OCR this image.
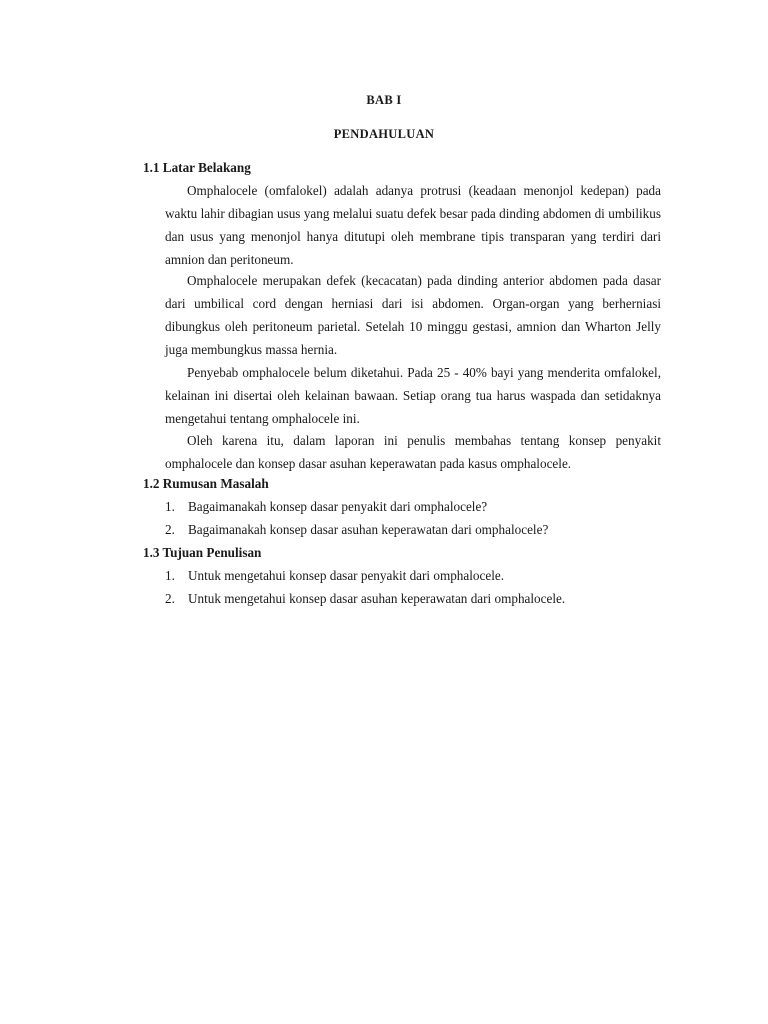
BAB I
PENDAHULUAN
1.1 Latar Belakang

Omphalocele (omfalokel) adalah adanya protrusi (keadaan menonjol kedepan) pada waktu lahir dibagian usus yang melalui suatu defek besar pada dinding abdomen di umbilikus dan usus yang menonjol hanya ditutupi oleh membrane tipis transparan yang terdiri dari amnion dan peritoneum.

Omphalocele merupakan defek (kecacatan) pada dinding anterior abdomen pada dasar dari umbilical cord dengan herniasi dari isi abdomen. Organ-organ yang berherniasi dibungkus oleh peritoneum parietal. Setelah 10 minggu gestasi, amnion dan Wharton Jelly juga membungkus massa hernia.

Penyebab omphalocele belum diketahui. Pada 25 - 40% bayi yang menderita omfalokel, kelainan ini disertai oleh kelainan bawaan. Setiap orang tua harus waspada dan setidaknya mengetahui tentang omphalocele ini.

Oleh karena itu, dalam laporan ini penulis membahas tentang konsep penyakit omphalocele dan konsep dasar asuhan keperawatan pada kasus omphalocele.

1.2 Rumusan Masalah
1. Bagaimanakah konsep dasar penyakit dari omphalocele?
2. Bagaimanakah konsep dasar asuhan keperawatan dari omphalocele?
1.3 Tujuan Penulisan
1. Untuk mengetahui konsep dasar penyakit dari omphalocele.
2. Untuk mengetahui konsep dasar asuhan keperawatan dari omphalocele.
